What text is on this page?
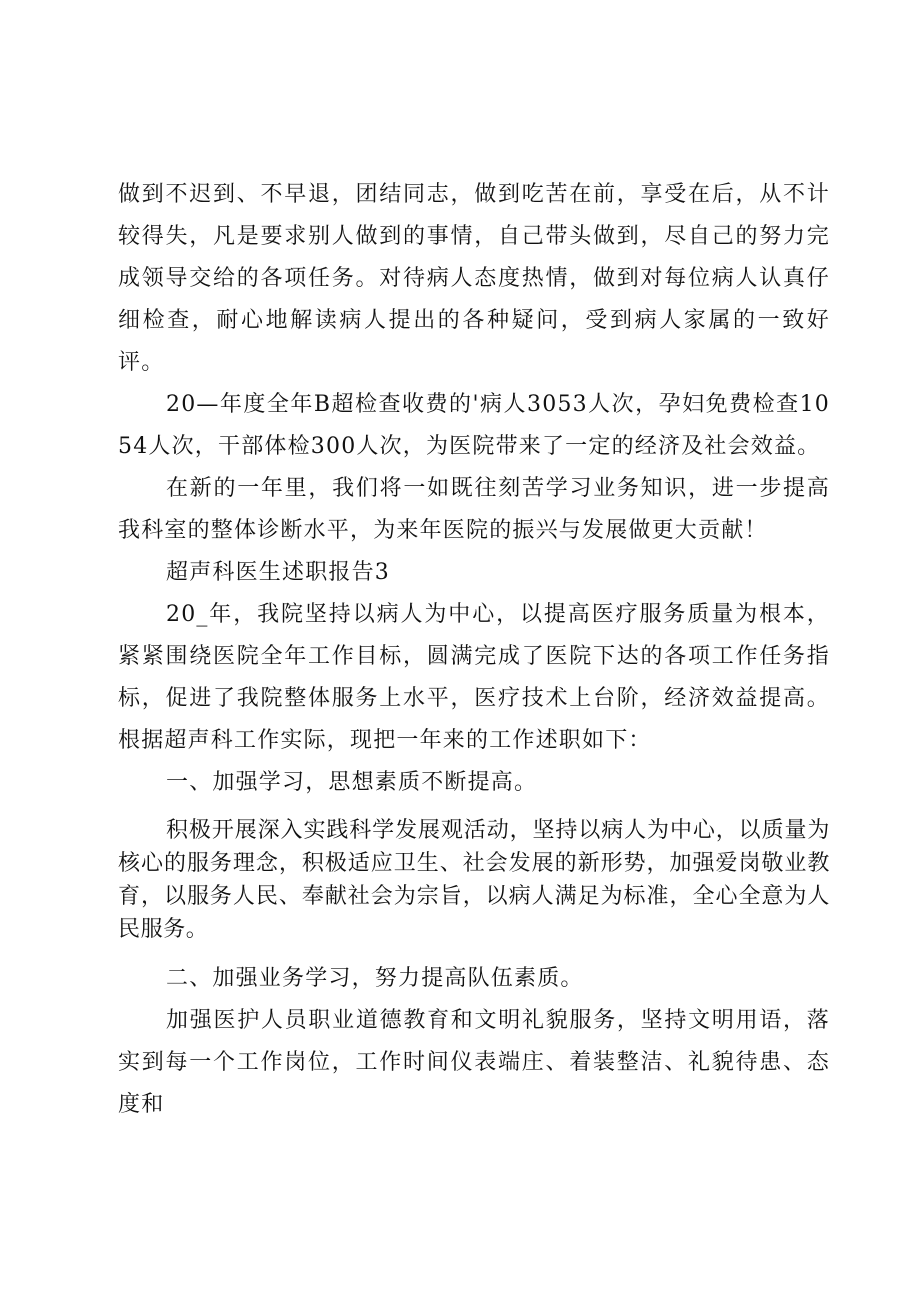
做到不迟到、不早退，团结同志，做到吃苦在前，享受在后，从不计较得失，凡是要求别人做到的事情，自己带头做到，尽自己的努力完成领导交给的各项任务。对待病人态度热情，做到对每位病人认真仔细检查，耐心地解读病人提出的各种疑问，受到病人家属的一致好评。

20—年度全年B超检查收费的'病人3053人次，孕妇免费检查1054人次，干部体检300人次，为医院带来了一定的经济及社会效益。

在新的一年里，我们将一如既往刻苦学习业务知识，进一步提高我科室的整体诊断水平，为来年医院的振兴与发展做更大贡献！

超声科医生述职报告3

20_年，我院坚持以病人为中心，以提高医疗服务质量为根本，紧紧围绕医院全年工作目标，圆满完成了医院下达的各项工作任务指标，促进了我院整体服务上水平，医疗技术上台阶，经济效益提高。根据超声科工作实际，现把一年来的工作述职如下：

一、加强学习，思想素质不断提高。

积极开展深入实践科学发展观活动，坚持以病人为中心，以质量为核心的服务理念，积极适应卫生、社会发展的新形势，加强爱岗敬业教育，以服务人民、奉献社会为宗旨，以病人满足为标准，全心全意为人民服务。

二、加强业务学习，努力提高队伍素质。

加强医护人员职业道德教育和文明礼貌服务，坚持文明用语，落实到每一个工作岗位，工作时间仪表端庄、着装整洁、礼貌待患、态度和
